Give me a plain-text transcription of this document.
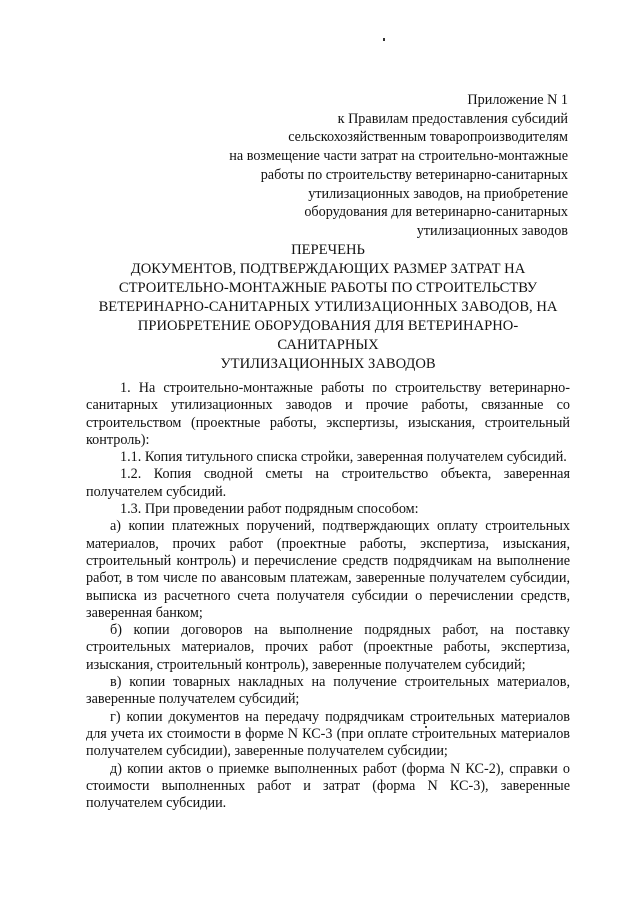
Приложение N 1
к Правилам предоставления субсидий
сельскохозяйственным товаропроизводителям
на возмещение части затрат на строительно-монтажные
работы по строительству ветеринарно-санитарных
утилизационных заводов, на приобретение
оборудования для ветеринарно-санитарных
утилизационных заводов
ПЕРЕЧЕНЬ
ДОКУМЕНТОВ, ПОДТВЕРЖДАЮЩИХ РАЗМЕР ЗАТРАТ НА
СТРОИТЕЛЬНО-МОНТАЖНЫЕ РАБОТЫ ПО СТРОИТЕЛЬСТВУ
ВЕТЕРИНАРНО-САНИТАРНЫХ УТИЛИЗАЦИОННЫХ ЗАВОДОВ, НА
ПРИОБРЕТЕНИЕ ОБОРУДОВАНИЯ ДЛЯ ВЕТЕРИНАРНО-
САНИТАРНЫХ
УТИЛИЗАЦИОННЫХ ЗАВОДОВ

1. На строительно-монтажные работы по строительству ветеринарно-санитарных утилизационных заводов и прочие работы, связанные со строительством (проектные работы, экспертизы, изыскания, строительный контроль):

1.1. Копия титульного списка стройки, заверенная получателем субсидий.

1.2. Копия сводной сметы на строительство объекта, заверенная получателем субсидий.

1.3. При проведении работ подрядным способом:

а) копии платежных поручений, подтверждающих оплату строительных материалов, прочих работ (проектные работы, экспертиза, изыскания, строительный контроль) и перечисление средств подрядчикам на выполнение работ, в том числе по авансовым платежам, заверенные получателем субсидии, выписка из расчетного счета получателя субсидии о перечислении средств, заверенная банком;

б) копии договоров на выполнение подрядных работ, на поставку строительных материалов, прочих работ (проектные работы, экспертиза, изыскания, строительный контроль), заверенные получателем субсидий;

в) копии товарных накладных на получение строительных материалов, заверенные получателем субсидий;

г) копии документов на передачу подрядчикам строительных материалов для учета их стоимости в форме N КС-3 (при оплате строительных материалов получателем субсидии), заверенные получателем субсидии;

д) копии актов о приемке выполненных работ (форма N КС-2), справки о стоимости выполненных работ и затрат (форма N КС-3), заверенные получателем субсидии.
